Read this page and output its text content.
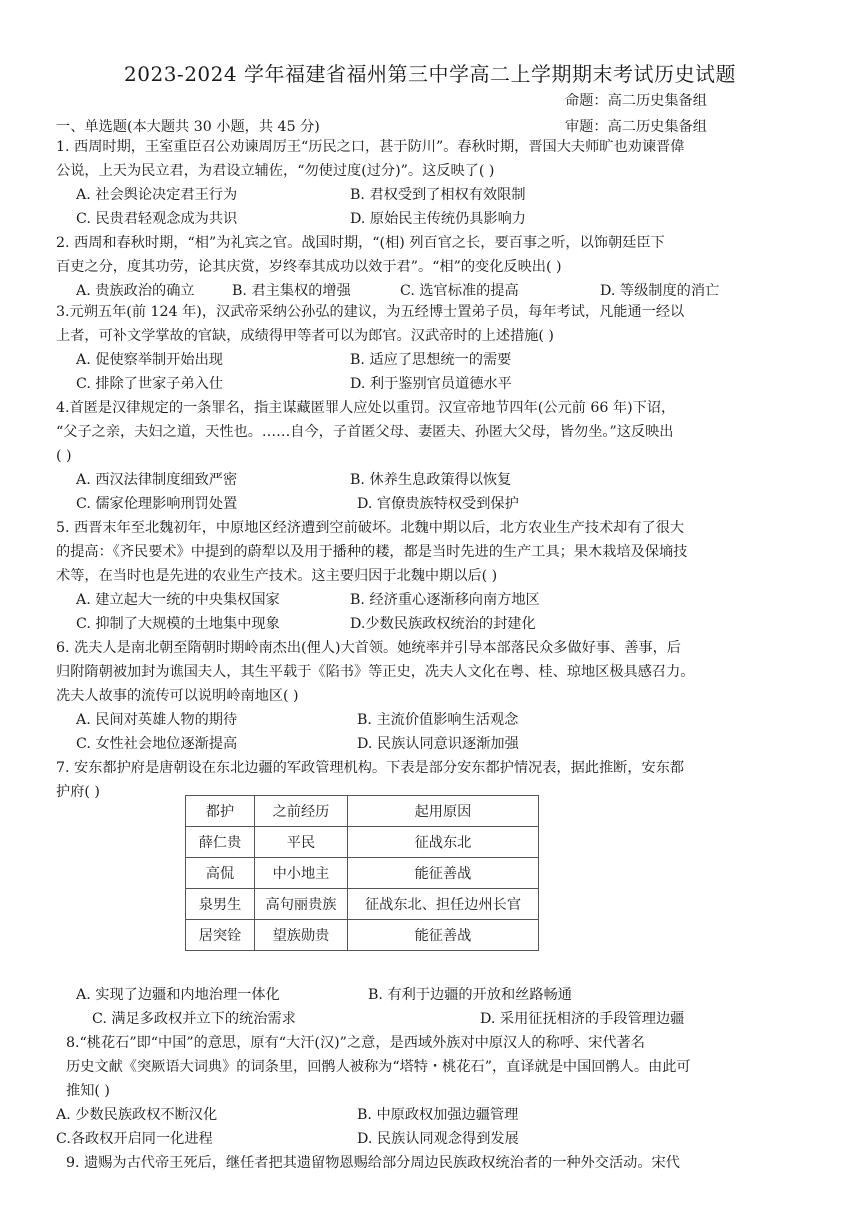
2023-2024 学年福建省福州第三中学高二上学期期末考试历史试题
命题：高二历史集备组
一、单选题(本大题共 30 小题，共 45 分)	审题：高二历史集备组
1. 西周时期，王室重臣召公劝谏周厉王“历民之口，甚于防川”。春秋时期，晋国大夫师旷也劝谏晋偉
公说，上天为民立君，为君设立辅佐，“勿使过度(过分)”。这反映了( )
A. 社会舆论决定君王行为	B. 君权受到了相权有效限制
C. 民贵君轻观念成为共识	D. 原始民主传统仍具影响力
2. 西周和春秋时期，“相”为礼宾之官。战国时期，“(相) 列百官之长，要百事之听，以饰朝廷臣下
百吏之分，度其功劳，论其庆赏，岁终奉其成功以效于君”。“相”的变化反映出( )
A. 贵族政治的确立	B. 君主集权的增强	C. 选官标准的提高	D. 等级制度的消亡
3.元朔五年(前 124 年)，汉武帝采纳公孙弘的建议，为五经博士置弟子员，每年考试，凡能通一经以
上者，可补文学掌故的官缺，成绩得甲等者可以为郎官。汉武帝时的上述措施( )
A. 促使察举制开始出现	B. 适应了思想统一的需要
C. 排除了世家子弟入仕	D. 利于鉴别官员道德水平
4.首匿是汉律规定的一条罪名，指主谋藏匿罪人应处以重罚。汉宣帝地节四年(公元前 66 年)下诏，
“父子之亲，夫妇之道，天性也。……自今，子首匿父母、妻匿夫、孙匿大父母，皆勿坐。”这反映出
( )
A. 西汉法律制度细致严密	B. 休养生息政策得以恢复
C. 儒家伦理影响刑罚处置	D. 官僚贵族特权受到保护
5. 西晋末年至北魏初年，中原地区经济遭到空前破坏。北魏中期以后，北方农业生产技术却有了很大
的提高：《齐民要术》中提到的蔚犁以及用于播种的耧，都是当时先进的生产工具；果木栽培及保墒技
术等，在当时也是先进的农业生产技术。这主要归因于北魏中期以后( )
A. 建立起大一统的中央集权国家	B. 经济重心逐渐移向南方地区
C. 抑制了大规模的土地集中现象	D.少数民族政权统治的封建化
6. 冼夫人是南北朝至隋朝时期岭南杰出(俚人)大首领。她统率并引导本部落民众多做好事、善事，后
归附隋朝被加封为谯国夫人，其生平载于《陷书》等正史，冼夫人文化在粤、桂、琼地区极具感召力。
冼夫人故事的流传可以说明岭南地区( )
A. 民间对英雄人物的期待	B. 主流价值影响生活观念
C. 女性社会地位逐渐提高	D. 民族认同意识逐渐加强
7. 安东都护府是唐朝设在东北边疆的军政管理机构。下表是部分安东都护情况表，据此推断，安东都
护府( )
都护	之前经历	起用原因
薛仁贵	平民	征战东北
高侃	中小地主	能征善战
泉男生	高句丽贵族	征战东北、担任边州长官
居突铨	望族勋贵	能征善战
A. 实现了边疆和内地治理一体化	B. 有利于边疆的开放和丝路畅通
C. 满足多政权并立下的统治需求	D. 采用征抚相济的手段管理边疆
8.“桃花石”即“中国”的意思，原有“大汗(汉)”之意，是西域外族对中原汉人的称呼、宋代著名
历史文献《突厥语大词典》的词条里，回鹘人被称为“塔特・桃花石”，直译就是中国回鹘人。由此可
推知( )
A. 少数民族政权不断汉化	B. 中原政权加强边疆管理
C.各政权开启同一化进程	D. 民族认同观念得到发展
9. 遗赐为古代帝王死后，继任者把其遗留物恩赐给部分周边民族政权统治者的一种外交活动。宋代
